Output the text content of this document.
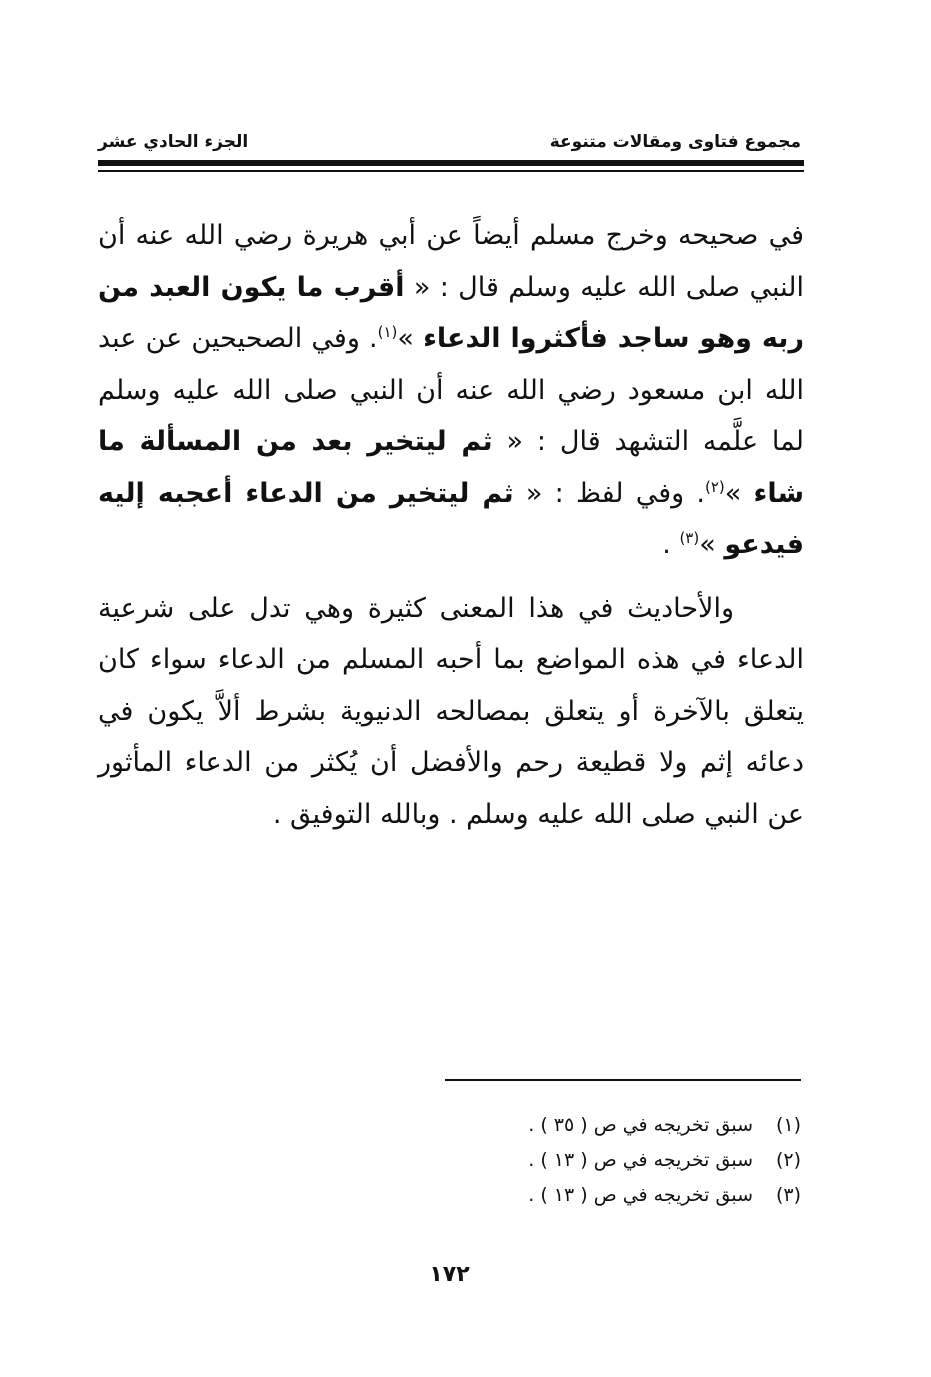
مجموع فتاوى ومقالات متنوعة
الجزء الحادي عشر

في صحيحه وخرج مسلم أيضاً عن أبي هريرة رضي الله عنه أن النبي صلى الله عليه وسلم قال : « أقرب ما يكون العبد من ربه وهو ساجد فأكثروا الدعاء »$^{(١)}$. وفي الصحيحين عن عبد الله ابن مسعود رضي الله عنه أن النبي صلى الله عليه وسلم لما علَّمه التشهد قال : « ثم ليتخير بعد من المسألة ما شاء »$^{(٢)}$. وفي لفظ : « ثم ليتخير من الدعاء أعجبه إليه فيدعو »$^{(٣)}$ .

والأحاديث في هذا المعنى كثيرة وهي تدل على شرعية الدعاء في هذه المواضع بما أحبه المسلم من الدعاء سواء كان يتعلق بالآخرة أو يتعلق بمصالحه الدنيوية بشرط ألاَّ يكون في دعائه إثم ولا قطيعة رحم والأفضل أن يُكثر من الدعاء المأثور عن النبي صلى الله عليه وسلم . وبالله التوفيق .

(١)
سبق تخريجه في ص ( ٣٥ ) .
(٢)
سبق تخريجه في ص ( ١٣ ) .
(٣)
سبق تخريجه في ص ( ١٣ ) .
١٧٢
